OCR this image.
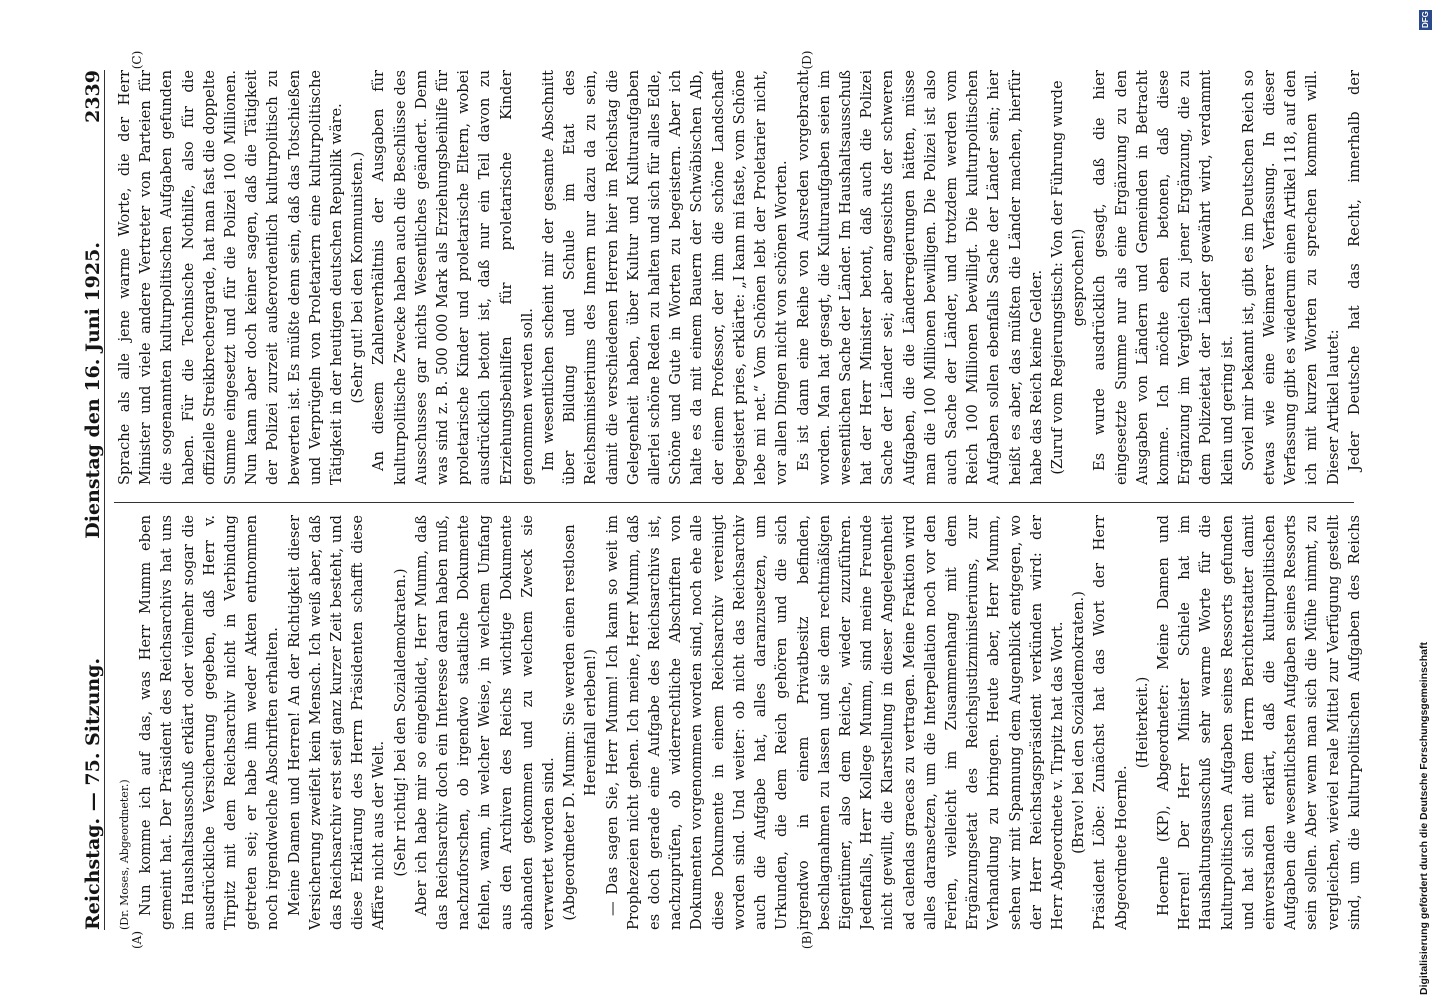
Reichstag. — 75. Sitzung.
Dienstag den 16. Juni 1925.
2339
(A)	(B)
(C)	(D)

(Dr. Moses, Abgeordneter.) Nun komme ich auf das, was Herr Mumm eben gemeint hat. Der Präsident des Reichsarchivs hat uns im Haushaltsausschuß erklärt oder vielmehr sogar die ausdrückliche Versicherung gegeben, daß Herr v. Tirpitz mit dem Reichsarchiv nicht in Verbindung getreten sei; er habe ihm weder Akten entnommen noch irgendwelche Abschriften erhalten. Meine Damen und Herren! An der Richtigkeit dieser Versicherung zweifelt kein Mensch. Ich weiß aber, daß das Reichsarchiv erst seit ganz kurzer Zeit besteht, und diese Erklärung des Herrn Präsidenten schafft diese Affäre nicht aus der Welt. (Sehr richtig! bei den Sozialdemokraten.) Aber ich habe mir so eingebildet, Herr Mumm, daß das Reichsarchiv doch ein Interesse daran haben muß, nachzuforschen, ob irgendwo staatliche Dokumente fehlen, wann, in welcher Weise, in welchem Umfang aus den Archiven des Reichs wichtige Dokumente abhanden gekommen und zu welchem Zweck sie verwertet worden sind. (Abgeordneter D. Mumm: Sie werden einen restlosen Hereinfall erleben!) — Das sagen Sie, Herr Mumm! Ich kann so weit im Prophezeien nicht gehen. Ich meine, Herr Mumm, daß es doch gerade eine Aufgabe des Reichsarchivs ist, nachzuprüfen, ob widerrechtliche Abschriften von Dokumenten vorgenommen worden sind, noch ehe alle diese Dokumente in einem Reichsarchiv vereinigt worden sind. Und weiter: ob nicht das Reichsarchiv auch die Aufgabe hat, alles daranzusetzen, um Urkunden, die dem Reich gehören und die sich irgendwo in einem Privatbesitz befinden, beschlagnahmen zu lassen und sie dem rechtmäßigen Eigentümer, also dem Reiche, wieder zuzuführen. Jedenfalls, Herr Kollege Mumm, sind meine Freunde nicht gewillt, die Klarstellung in dieser Angelegenheit ad calendas graecas zu vertragen. Meine Fraktion wird alles daransetzen, um die Interpellation noch vor den Ferien, vielleicht im Zusammenhang mit dem Ergänzungsetat des Reichsjustizministeriums, zur Verhandlung zu bringen. Heute aber, Herr Mumm, sehen wir mit Spannung dem Augenblick entgegen, wo der Herr Reichstagspräsident verkünden wird: der Herr Abgeordnete v. Tirpitz hat das Wort. (Bravo! bei den Sozialdemokraten.) Präsident Löbe: Zunächst hat das Wort der Herr Abgeordnete Hoernle.

(Heiterkeit.)

Hoernle (KP), Abgeordneter: Meine Damen und Herren! Der Herr Minister Schiele hat im Haushaltungsausschuß sehr warme Worte für die kulturpolitischen Aufgaben seines Ressorts gefunden und hat sich mit dem Herrn Berichterstatter damit einverstanden erklärt, daß die kulturpolitischen Aufgaben die wesentlichsten Aufgaben seines Ressorts sein sollen. Aber wenn man sich die Mühe nimmt, zu vergleichen, wieviel reale Mittel zur Verfügung gestellt sind, um die kulturpolitischen Aufgaben des Reichs

Sprache als alle jene warme Worte, die der Herr Minister und viele andere Vertreter von Parteien für die sogenannten kulturpolitischen Aufgaben gefunden haben. Für die Technische Nothilfe, also für die offizielle Streikbrechergarde, hat man fast die doppelte Summe eingesetzt und für die Polizei 100 Millionen. Nun kann aber doch keiner sagen, daß die Tätigkeit der Polizei zurzeit außerordentlich kulturpolitisch zu bewerten ist. Es müßte denn sein, daß das Totschießen und Verprügeln von Proletariern eine kulturpolitische Tätigkeit in der heutigen deutschen Republik wäre. (Sehr gut! bei den Kommunisten.) An diesem Zahlenverhältnis der Ausgaben für kulturpolitische Zwecke haben auch die Beschlüsse des Ausschusses gar nichts Wesentliches geändert. Denn was sind z. B. 500 000 Mark als Erziehungsbeihilfe für proletarische Kinder und proletarische Eltern, wobei ausdrücklich betont ist, daß nur ein Teil davon zu Erziehungsbeihilfen für proletarische Kinder genommen werden soll. Im wesentlichen scheint mir der gesamte Abschnitt über Bildung und Schule im Etat des Reichsministeriums des Innern nur dazu da zu sein, damit die verschiedenen Herren hier im Reichstag die Gelegenheit haben, über Kultur und Kulturaufgaben allerlei schöne Reden zu halten und sich für alles Edle, Schöne und Gute in Worten zu begeistern. Aber ich halte es da mit einem Bauern der Schwäbischen Alb, der einem Professor, der ihm die schöne Landschaft begeistert pries, erklärte: „I kann mi faste, vom Schöne lebe mi net.“ Vom Schönen lebt der Proletarier nicht, vor allen Dingen nicht von schönen Worten. Es ist dann eine Reihe von Ausreden vorgebracht worden. Man hat gesagt, die Kulturaufgaben seien im wesentlichen Sache der Länder. Im Haushaltsausschuß hat der Herr Minister betont, daß auch die Polizei Sache der Länder sei; aber angesichts der schweren Aufgaben, die die Länderregierungen hätten, müsse man die 100 Millionen bewilligen. Die Polizei ist also auch Sache der Länder, und trotzdem werden vom Reich 100 Millionen bewilligt. Die kulturpolitischen Aufgaben sollen ebenfalls Sache der Länder sein; hier heißt es aber, das müßten die Länder machen, hierfür habe das Reich keine Gelder. (Zuruf vom Regierungstisch: Von der Führung wurde gesprochen!) Es wurde ausdrücklich gesagt, daß die hier eingesetzte Summe nur als eine Ergänzung zu den Ausgaben von Ländern und Gemeinden in Betracht komme. Ich möchte eben betonen, daß diese Ergänzung im Vergleich zu jener Ergänzung, die zu dem Polizeietat der Länder gewährt wird, verdammt klein und gering ist. Soviel mir bekannt ist, gibt es im Deutschen Reich so etwas wie eine Weimarer Verfassung. In dieser Verfassung gibt es wiederum einen Artikel 118, auf den ich mit kurzen Worten zu sprechen kommen will. Dieser Artikel lautet: Jeder Deutsche hat das Recht, innerhalb der

DFG
Digitalisierung gefördert durch die Deutsche Forschungsgemeinschaft
